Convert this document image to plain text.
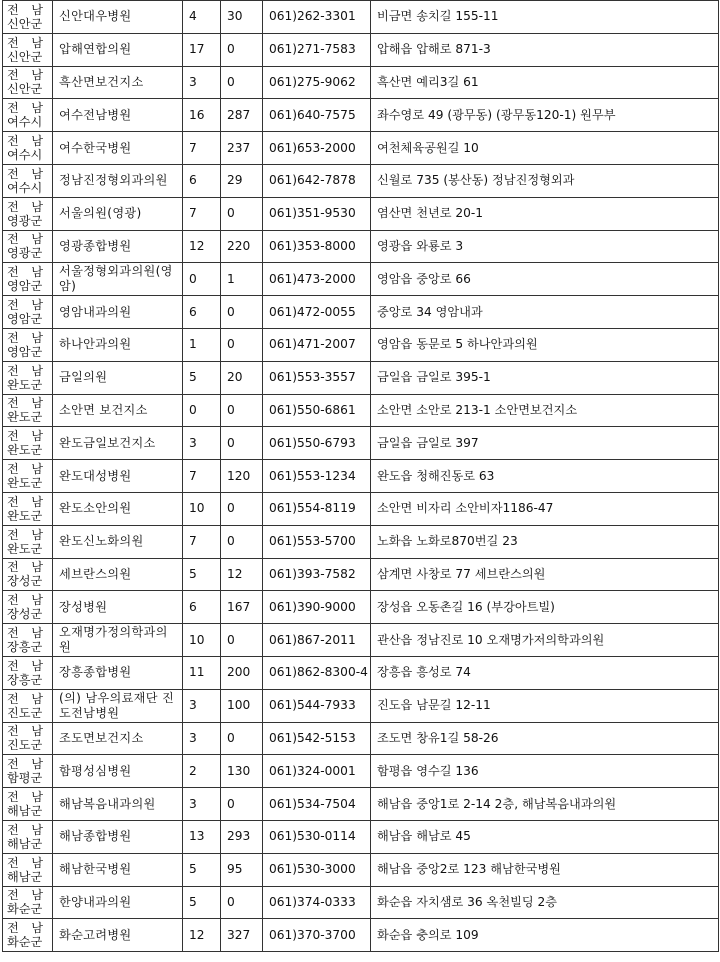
전 남
신안군	신안대우병원	4	30	061)262-3301	비금면 송치길 155-11

전 남
신안군	압해연합의원	17	0	061)271-7583	압해읍 압해로 871-3

전 남
신안군	흑산면보건지소	3	0	061)275-9062	흑산면 예리3길 61

전 남
여수시	여수전남병원	16	287	061)640-7575	좌수영로 49 (광무동) (광무동120-1) 원무부

전 남
여수시	여수한국병원	7	237	061)653-2000	여천체육공원길 10

전 남
여수시	정남진정형외과의원	6	29	061)642-7878	신월로 735 (봉산동) 정남진정형외과

전 남
영광군	서울의원(영광)	7	0	061)351-9530	염산면 천년로 20-1

전 남
영광군	영광종합병원	12	220	061)353-8000	영광읍 와룡로 3

전 남
영암군	서울정형외과의원(영암)	0	1	061)473-2000	영암읍 중앙로 66

전 남
영암군	영암내과의원	6	0	061)472-0055	중앙로 34 영암내과

전 남
영암군	하나안과의원	1	0	061)471-2007	영암읍 동문로 5 하나안과의원

전 남
완도군	금일의원	5	20	061)553-3557	금일읍 금일로 395-1

전 남
완도군	소안면 보건지소	0	0	061)550-6861	소안면 소안로 213-1 소안면보건지소

전 남
완도군	완도금일보건지소	3	0	061)550-6793	금일읍 금일로 397

전 남
완도군	완도대성병원	7	120	061)553-1234	완도읍 청해진동로 63

전 남
완도군	완도소안의원	10	0	061)554-8119	소안면 비자리 소안비자1186-47

전 남
완도군	완도신노화의원	7	0	061)553-5700	노화읍 노화로870번길 23

전 남
장성군	세브란스의원	5	12	061)393-7582	삼계면 사창로 77 세브란스의원

전 남
장성군	장성병원	6	167	061)390-9000	장성읍 오동촌길 16 (부강아트빌)

전 남
장흥군	오재명가정의학과의원	10	0	061)867-2011	관산읍 정남진로 10 오재명가저의학과의원

전 남
장흥군	장흥종합병원	11	200	061)862-8300-4	장흥읍 흥성로 74

전 남
진도군	(의) 남우의료재단 진도전남병원	3	100	061)544-7933	진도읍 남문길 12-11

전 남
진도군	조도면보건지소	3	0	061)542-5153	조도면 창유1길 58-26

전 남
함평군	함평성심병원	2	130	061)324-0001	함평읍 영수길 136

전 남
해남군	해남복음내과의원	3	0	061)534-7504	해남읍 중앙1로 2-14 2층, 해남복음내과의원

전 남
해남군	해남종합병원	13	293	061)530-0114	해남읍 해남로 45

전 남
해남군	해남한국병원	5	95	061)530-3000	해남읍 중앙2로 123 해남한국병원

전 남
화순군	한양내과의원	5	0	061)374-0333	화순읍 자치샘로 36 옥천빌딩 2층

전 남
화순군	화순고려병원	12	327	061)370-3700	화순읍 충의로 109
